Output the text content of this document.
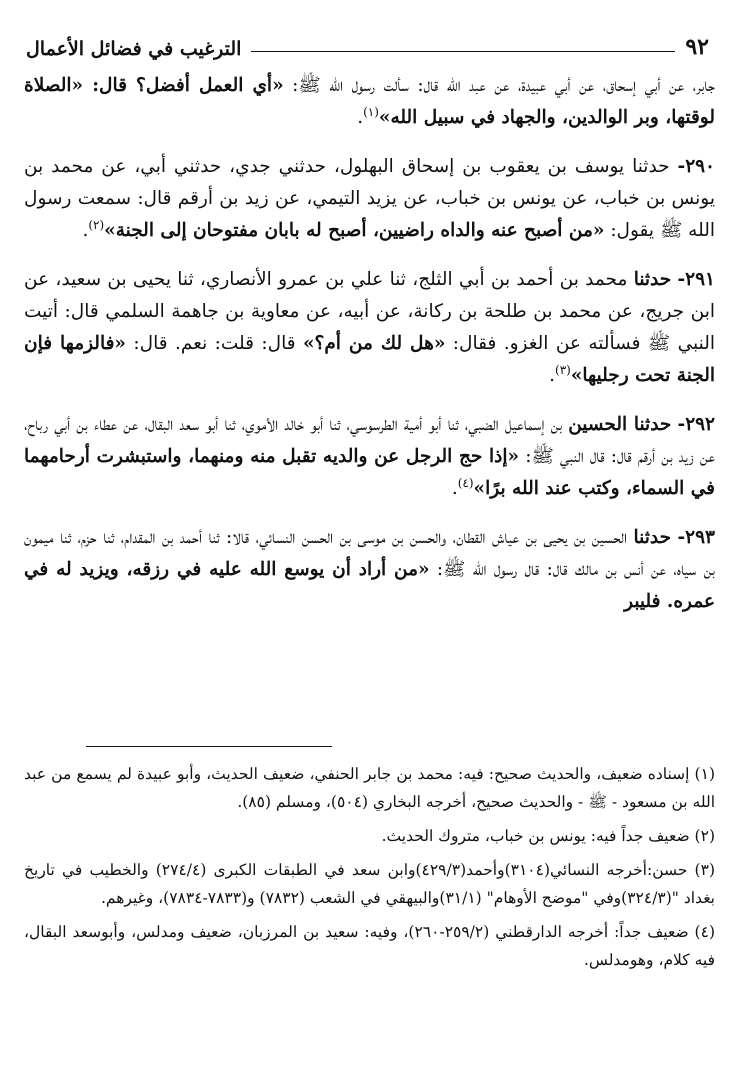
٩٢
الترغيب في فضائل الأعمال

جابر، عن أبي إسحاق، عن أبي عبيدة، عن عبد الله قال: سألت رسول الله ﷺ: «أي العمل أفضل؟ قال: «الصلاة لوقتها، وبر الوالدين، والجهاد في سبيل الله»$^{(١)}$.

٢٩٠- حدثنا يوسف بن يعقوب بن إسحاق البهلول، حدثني جدي، حدثني أبي، عن محمد بن يونس بن خباب، عن يونس بن خباب، عن يزيد التيمي، عن زيد بن أرقم قال: سمعت رسول الله ﷺ يقول: «من أصبح عنه والداه راضيين، أصبح له بابان مفتوحان إلى الجنة»$^{(٢)}$.

٢٩١- حدثنا محمد بن أحمد بن أبي الثلج، ثنا علي بن عمرو الأنصاري، ثنا يحيى بن سعيد، عن ابن جريج، عن محمد بن طلحة بن ركانة، عن أبيه، عن معاوية بن جاهمة السلمي قال: أتيت النبي ﷺ فسألته عن الغزو. فقال: «هل لك من أم؟» قال: قلت: نعم. قال: «فالزمها فإن الجنة تحت رجليها»$^{(٣)}$.

٢٩٢- حدثنا الحسين بن إسماعيل الضبي، ثنا أبو أمية الطرسوسي، ثنا أبو خالد الأموي، ثنا أبو سعد البقال، عن عطاء بن أبي رباح، عن زيد بن أرقم قال: قال النبي ﷺ: «إذا حج الرجل عن والديه تقبل منه ومنهما، واستبشرت أرحامهما في السماء، وكتب عند الله برًا»$^{(٤)}$.

٢٩٣- حدثنا الحسين بن يحيى بن عياش القطان، والحسن بن موسى بن الحسن النسائي، قالا: ثنا أحمد بن المقدام، ثنا حزم، ثنا ميمون بن سياه، عن أنس بن مالك قال: قال رسول الله ﷺ: «من أراد أن يوسع الله عليه في رزقه، ويزيد له في عمره. فليبر

(١) إسناده ضعيف، والحديث صحيح: فيه: محمد بن جابر الحنفي، ضعيف الحديث، وأبو عبيدة لم يسمع من عبد الله بن مسعود - ﷺ - والحديث صحيح، أخرجه البخاري (٥٠٤)، ومسلم (٨٥).

(٢) ضعيف جداً فيه: يونس بن خباب، متروك الحديث.

(٣) حسن:أخرجه النسائي(٣١٠٤)وأحمد(٤٢٩/٣)وابن سعد في الطبقات الكبرى (٢٧٤/٤) والخطيب في تاريخ بغداد "(٣٢٤/٣)وفي "موضح الأوهام" (٣١/١)والبيهقي في الشعب (٧٨٣٢) و(٧٨٣٣-٧٨٣٤)، وغيرهم.

(٤) ضعيف جداً: أخرجه الدارقطني (٢٥٩/٢-٢٦٠)، وفيه: سعيد بن المرزبان، ضعيف ومدلس، وأبوسعد البقال، فيه كلام، وهومدلس.
